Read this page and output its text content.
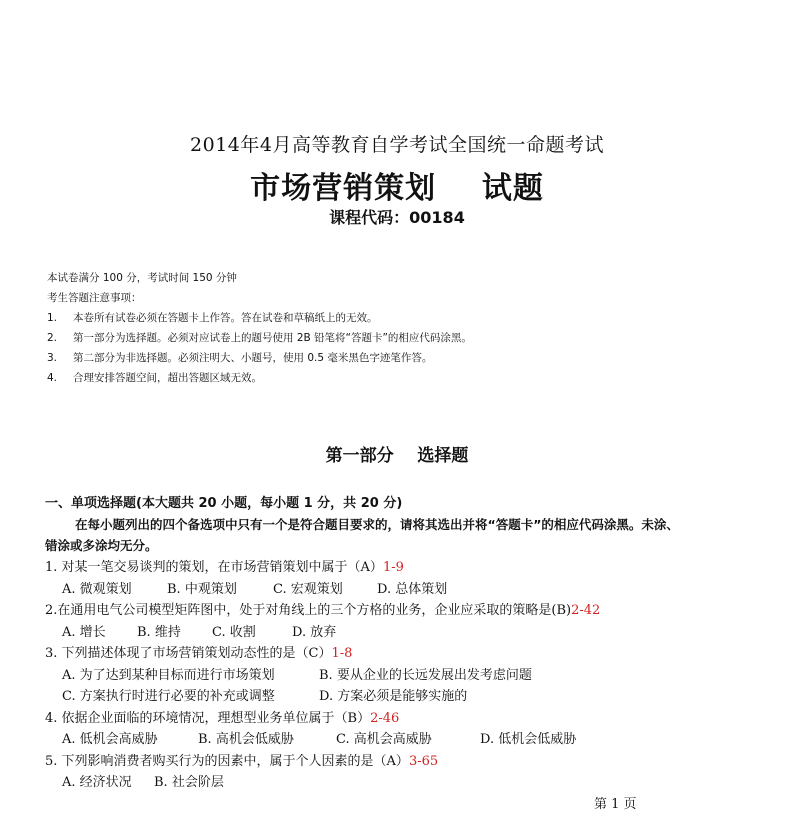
2014年4月高等教育自学考试全国统一命题考试
市场营销策划    试题
课程代码：00184
本试卷满分 100 分，考试时间 150 分钟
考生答题注意事项：
1.	本卷所有试卷必须在答题卡上作答。答在试卷和草稿纸上的无效。
2.	第一部分为选择题。必须对应试卷上的题号使用 2B 铅笔将“答题卡”的相应代码涂黑。
3.	第二部分为非选择题。必须注明大、小题号，使用 0.5 毫米黑色字迹笔作答。
4.	合理安排答题空间，超出答题区域无效。
第一部分    选择题
一、单项选择题(本大题共 20 小题，每小题 1 分，共 20 分)
在每小题列出的四个备选项中只有一个是符合题目要求的，请将其选出并将“答题卡”的相应代码涂黑。未涂、
错涂或多涂均无分。
1. 对某一笔交易谈判的策划，在市场营销策划中属于（A）1-9
A. 微观策划	B. 中观策划	C. 宏观策划	D. 总体策划
2.在通用电气公司模型矩阵图中，处于对角线上的三个方格的业务，企业应采取的策略是(B)2-42
A. 增长 B. 维持 C. 收割	D. 放弃
3. 下列描述体现了市场营销策划动态性的是（C）1-8
A. 为了达到某种目标而进行市场策划	B. 要从企业的长远发展出发考虑问题
C. 方案执行时进行必要的补充或调整	D. 方案必须是能够实施的
4. 依据企业面临的环境情况，理想型业务单位属于（B）2-46
A. 低机会高威胁	B. 高机会低威胁	C. 高机会高威胁	D. 低机会低威胁
5. 下列影响消费者购买行为的因素中，属于个人因素的是（A）3-65
A. 经济状况 B. 社会阶层
第 1 页
